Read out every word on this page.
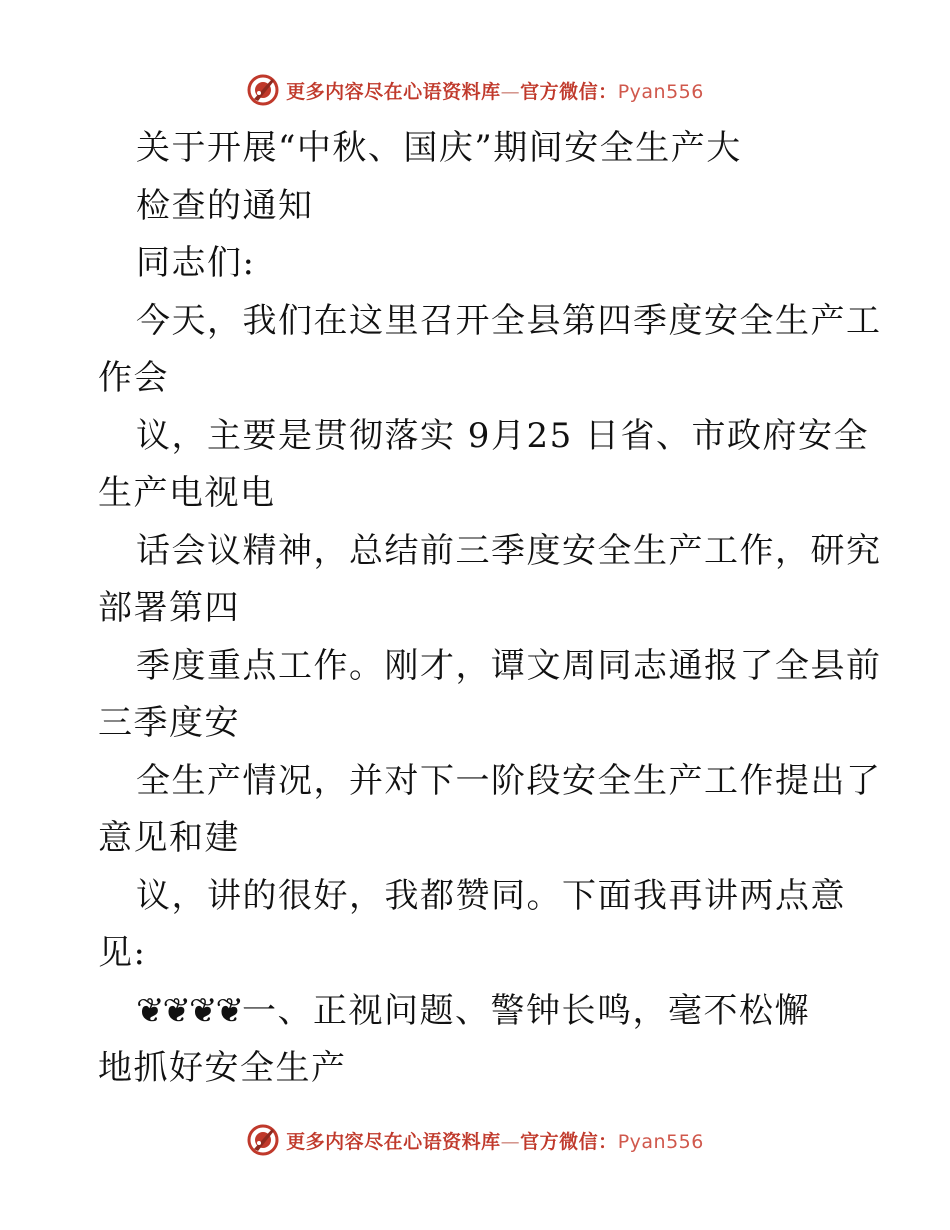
更多内容尽在心语资料库—官方微信：Pyan556
关于开展“中秋、国庆”期间安全生产大
检查的通知
同志们:
今天，我们在这里召开全县第四季度安全生产工
作会
议，主要是贯彻落实 9月25 日省、市政府安全
生产电视电
话会议精神，总结前三季度安全生产工作，研究
部署第四
季度重点工作。刚才，谭文周同志通报了全县前
三季度安
全生产情况，并对下一阶段安全生产工作提出了
意见和建
议，讲的很好，我都赞同。下面我再讲两点意
见:
❦❦❦❦一、正视问题、警钟长鸣，毫不松懈
地抓好安全生产
更多内容尽在心语资料库—官方微信：Pyan556
